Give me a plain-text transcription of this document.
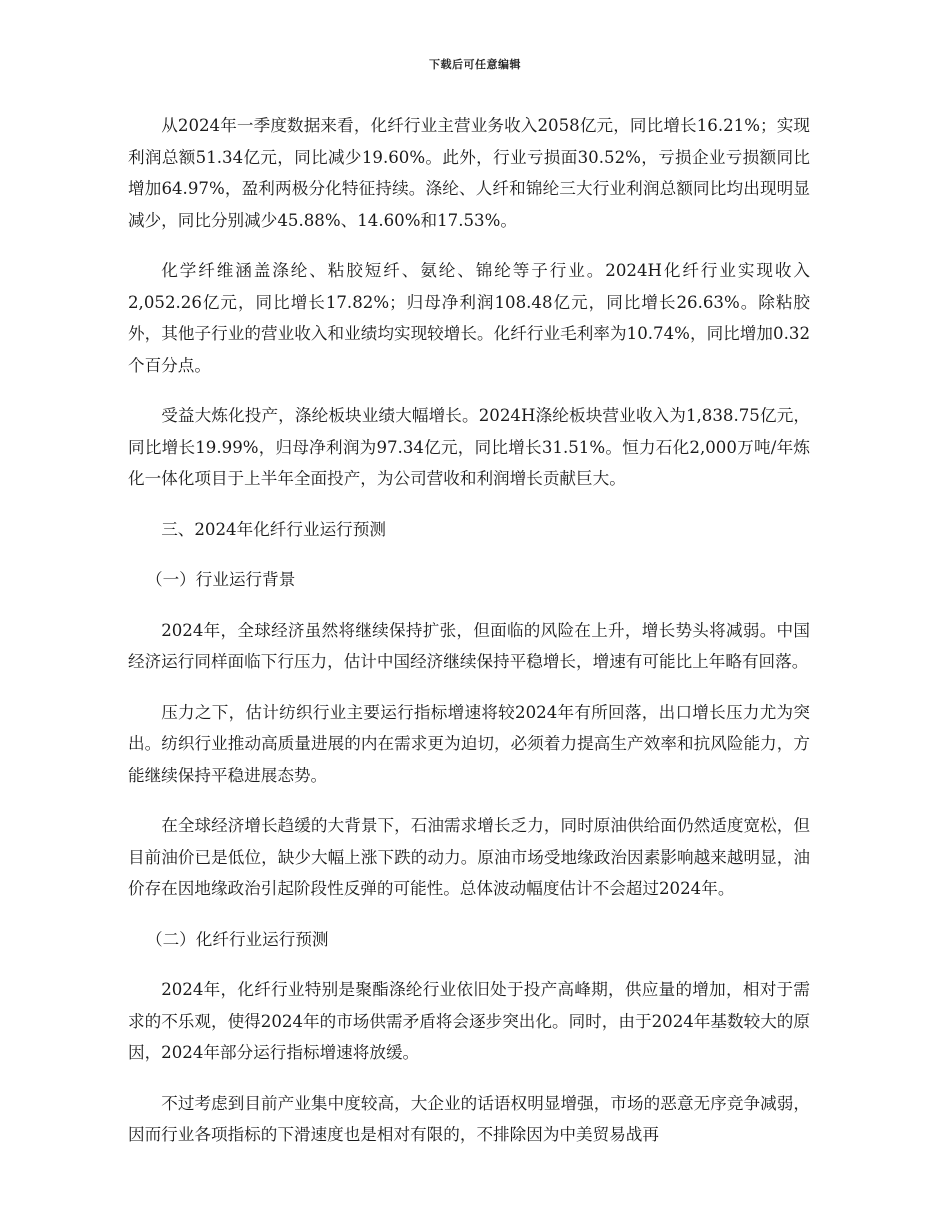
下载后可任意编辑

从2024年一季度数据来看，化纤行业主营业务收入2058亿元，同比增长16.21%；实现利润总额51.34亿元，同比减少19.60%。此外，行业亏损面30.52%，亏损企业亏损额同比增加64.97%，盈利两极分化特征持续。涤纶、人纤和锦纶三大行业利润总额同比均出现明显减少，同比分别减少45.88%、14.60%和17.53%。

化学纤维涵盖涤纶、粘胶短纤、氨纶、锦纶等子行业。2024H化纤行业实现收入2,052.26亿元，同比增长17.82%；归母净利润108.48亿元，同比增长26.63%。除粘胶外，其他子行业的营业收入和业绩均实现较增长。化纤行业毛利率为10.74%，同比增加0.32个百分点。

受益大炼化投产，涤纶板块业绩大幅增长。2024H涤纶板块营业收入为1,838.75亿元，同比增长19.99%，归母净利润为97.34亿元，同比增长31.51%。恒力石化2,000万吨/年炼化一体化项目于上半年全面投产，为公司营收和利润增长贡献巨大。

三、2024年化纤行业运行预测

（一）行业运行背景

2024年，全球经济虽然将继续保持扩张，但面临的风险在上升，增长势头将减弱。中国经济运行同样面临下行压力，估计中国经济继续保持平稳增长，增速有可能比上年略有回落。

压力之下，估计纺织行业主要运行指标增速将较2024年有所回落，出口增长压力尤为突出。纺织行业推动高质量进展的内在需求更为迫切，必须着力提高生产效率和抗风险能力，方能继续保持平稳进展态势。

在全球经济增长趋缓的大背景下，石油需求增长乏力，同时原油供给面仍然适度宽松，但目前油价已是低位，缺少大幅上涨下跌的动力。原油市场受地缘政治因素影响越来越明显，油价存在因地缘政治引起阶段性反弹的可能性。总体波动幅度估计不会超过2024年。

（二）化纤行业运行预测

2024年，化纤行业特别是聚酯涤纶行业依旧处于投产高峰期，供应量的增加，相对于需求的不乐观，使得2024年的市场供需矛盾将会逐步突出化。同时，由于2024年基数较大的原因，2024年部分运行指标增速将放缓。

不过考虑到目前产业集中度较高，大企业的话语权明显增强，市场的恶意无序竞争减弱，因而行业各项指标的下滑速度也是相对有限的，不排除因为中美贸易战再
